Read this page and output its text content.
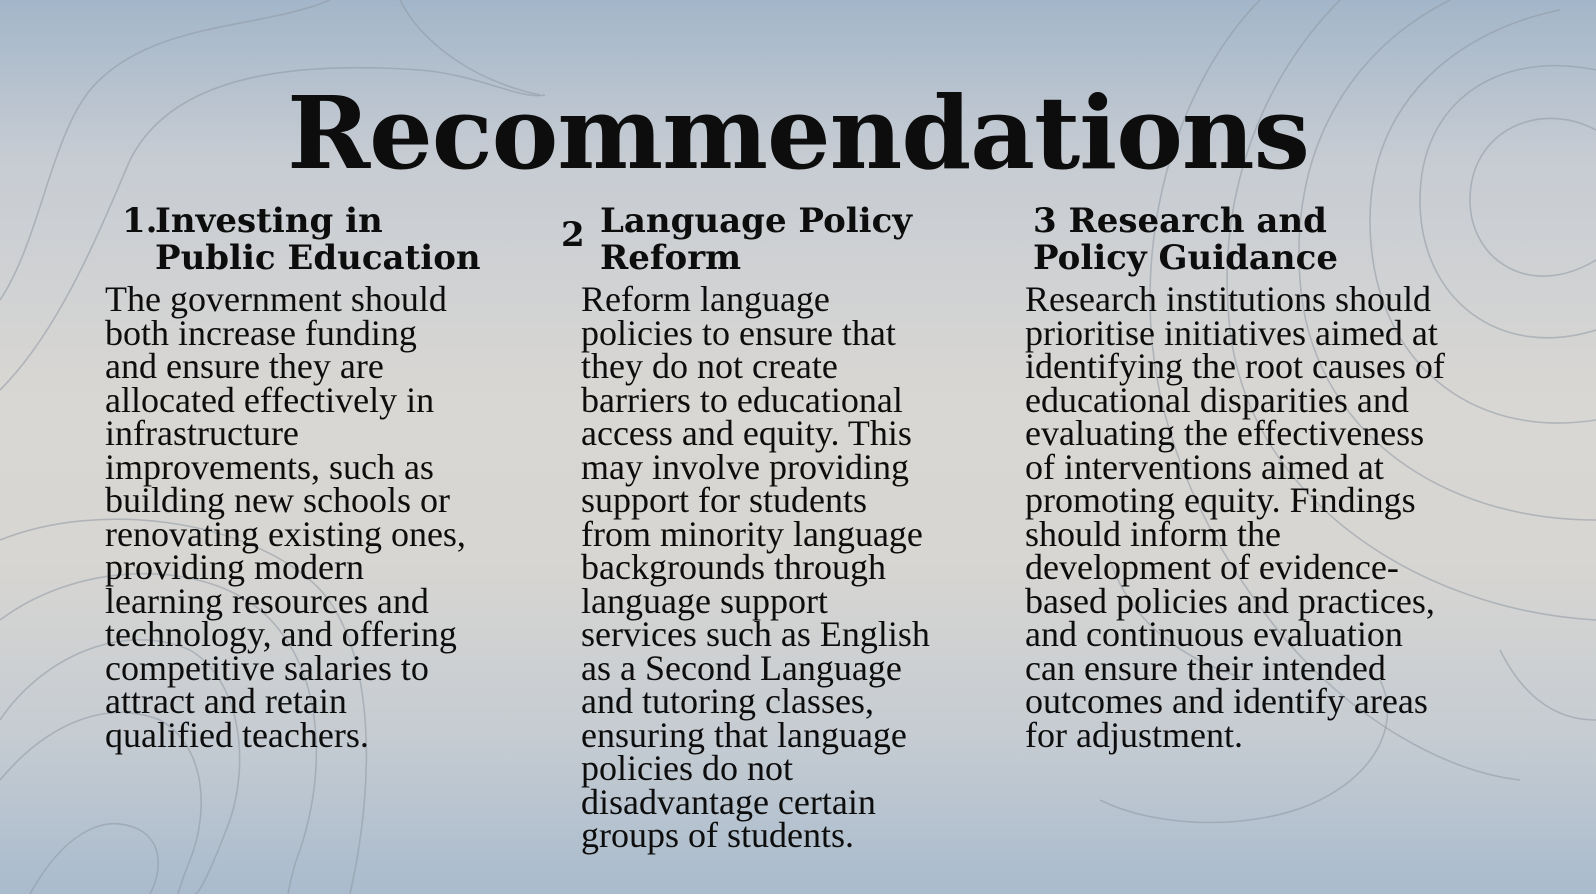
Recommendations
1.
Investing in
Public Education
The government should
both increase funding
and ensure they are
allocated effectively in
infrastructure
improvements, such as
building new schools or
renovating existing ones,
providing modern
learning resources and
technology, and offering
competitive salaries to
attract and retain
qualified teachers.
2 Language Policy
Reform
Reform language
policies to ensure that
they do not create
barriers to educational
access and equity. This
may involve providing
support for students
from minority language
backgrounds through
language support
services such as English
as a Second Language
and tutoring classes,
ensuring that language
policies do not
disadvantage certain
groups of students.
3 Research and
Policy Guidance
Research institutions should
prioritise initiatives aimed at
identifying the root causes of
educational disparities and
evaluating the effectiveness
of interventions aimed at
promoting equity. Findings
should inform the
development of evidence-
based policies and practices,
and continuous evaluation
can ensure their intended
outcomes and identify areas
for adjustment.
